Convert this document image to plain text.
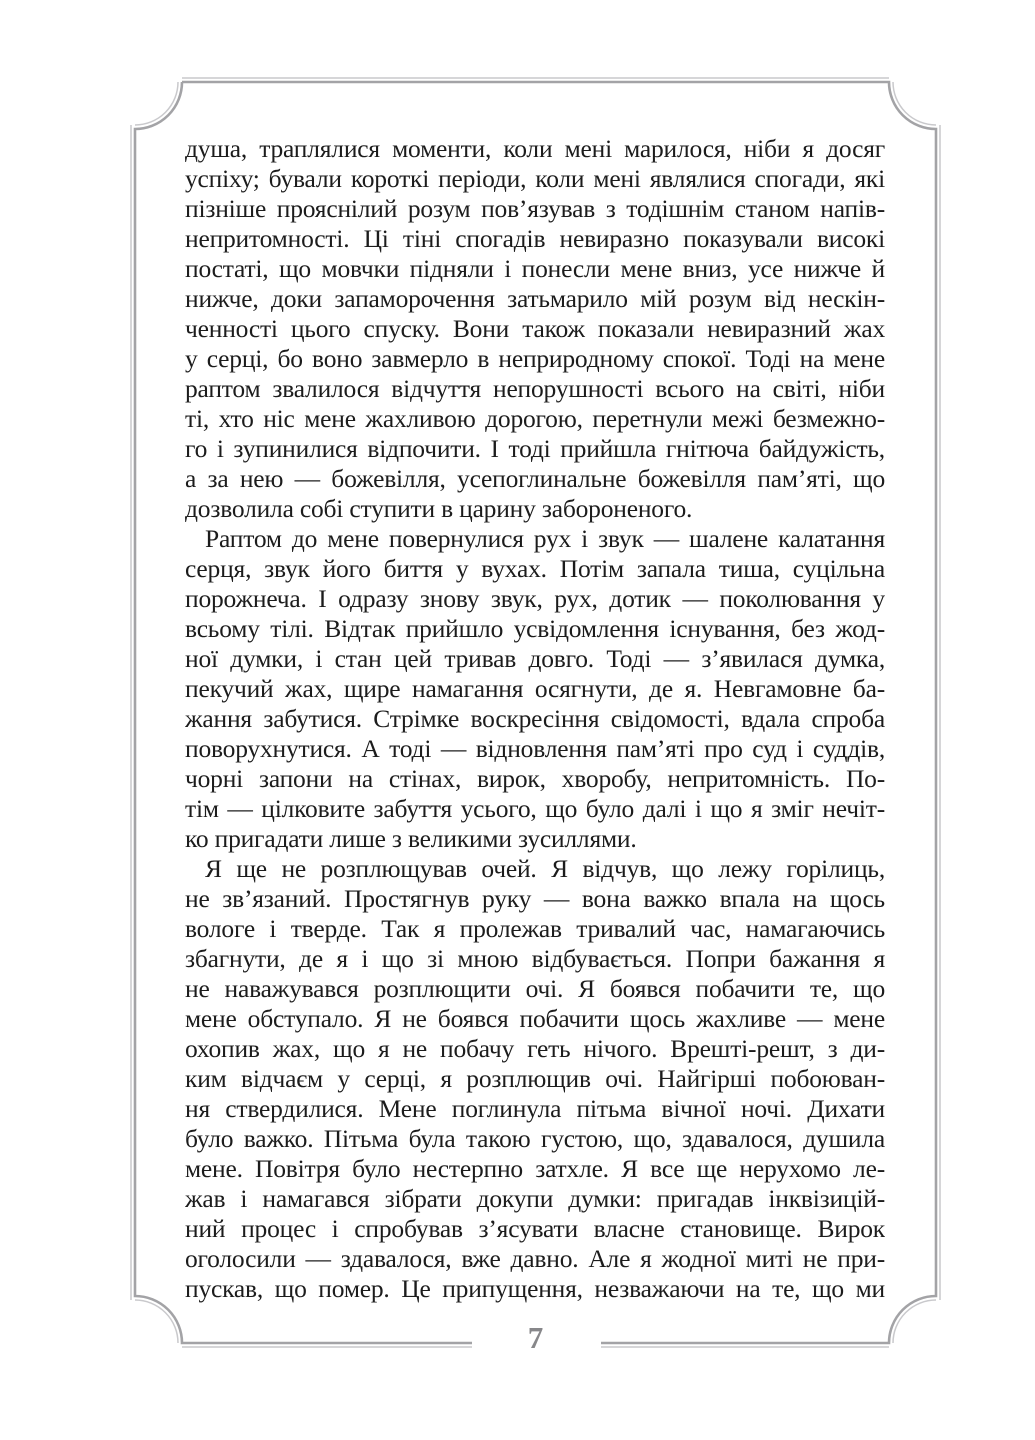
душа, траплялися моменти, коли мені марилося, ніби я досяг
успіху; бували короткі періоди, коли мені являлися спогади, які
пізніше прояснілий розум пов’язував з тодішнім станом напів-
непритомності. Ці тіні спогадів невиразно показували високі
постаті, що мовчки підняли і понесли мене вниз, усе нижче й
нижче, доки запаморочення затьмарило мій розум від нескін-
ченності цього спуску. Вони також показали невиразний жах
у серці, бо воно завмерло в неприродному спокої. Тоді на мене
раптом звалилося відчуття непорушності всього на світі, ніби
ті, хто ніс мене жахливою дорогою, перетнули межі безмежно-
го і зупинилися відпочити. І тоді прийшла гнітюча байдужість,
а за нею — божевілля, усепоглинальне божевілля пам’яті, що
дозволила собі ступити в царину забороненого.
Раптом до мене повернулися рух і звук — шалене калатання
серця, звук його биття у вухах. Потім запала тиша, суцільна
порожнеча. І одразу знову звук, рух, дотик — поколювання у
всьому тілі. Відтак прийшло усвідомлення існування, без жод-
ної думки, і стан цей тривав довго. Тоді — з’явилася думка,
пекучий жах, щире намагання осягнути, де я. Невгамовне ба-
жання забутися. Стрімке воскресіння свідомості, вдала спроба
поворухнутися. А тоді — відновлення пам’яті про суд і суддів,
чорні запони на стінах, вирок, хворобу, непритомність. По-
тім — цілковите забуття усього, що було далі і що я зміг нечіт-
ко пригадати лише з великими зусиллями.
Я ще не розплющував очей. Я відчув, що лежу горілиць,
не зв’язаний. Простягнув руку — вона важко впала на щось
вологе і тверде. Так я пролежав тривалий час, намагаючись
збагнути, де я і що зі мною відбувається. Попри бажання я
не наважувався розплющити очі. Я боявся побачити те, що
мене обступало. Я не боявся побачити щось жахливе — мене
охопив жах, що я не побачу геть нічого. Врешті-решт, з ди-
ким відчаєм у серці, я розплющив очі. Найгірші побоюван-
ня ствердилися. Мене поглинула пітьма вічної ночі. Дихати
було важко. Пітьма була такою густою, що, здавалося, душила
мене. Повітря було нестерпно затхле. Я все ще нерухомо ле-
жав і намагався зібрати докупи думки: пригадав інквізицій-
ний процес і спробував з’ясувати власне становище. Вирок
оголосили — здавалося, вже давно. Але я жодної миті не при-
пускав, що помер. Це припущення, незважаючи на те, що ми
7
